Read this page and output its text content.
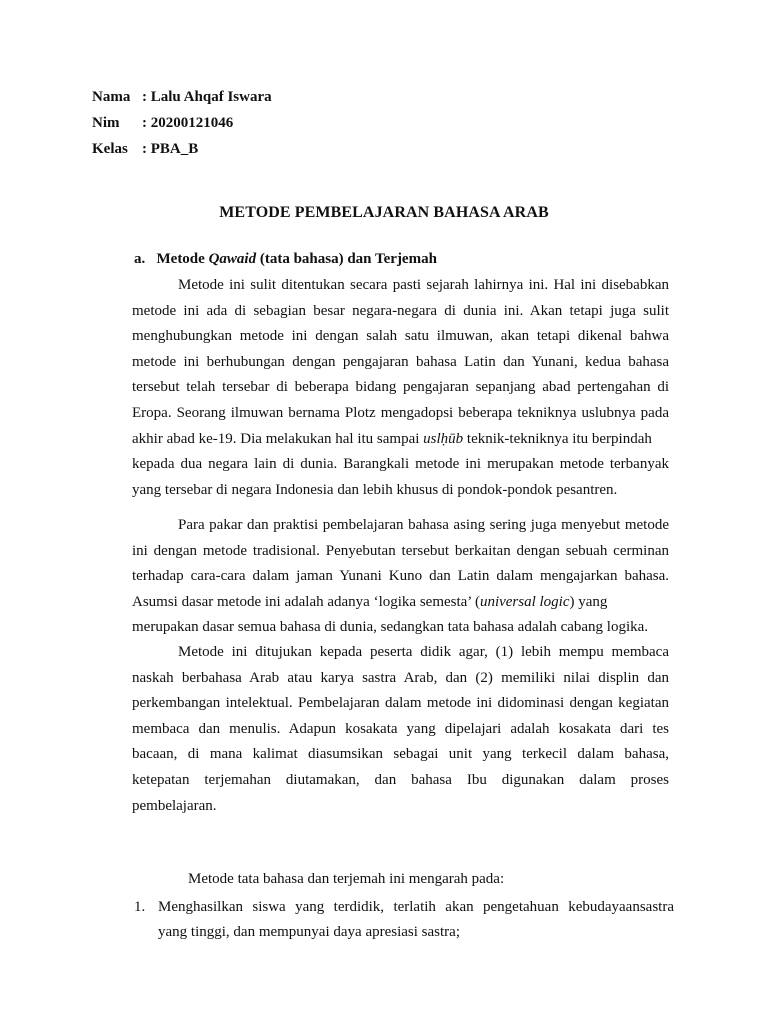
Nama : Lalu Ahqaf Iswara
Nim : 20200121046
Kelas : PBA_B
METODE PEMBELAJARAN BAHASA ARAB
a. Metode Qawaid (tata bahasa) dan Terjemah
Metode ini sulit ditentukan secara pasti sejarah lahirnya ini. Hal ini disebabkan
metode ini ada di sebagian besar negara-negara di dunia ini. Akan tetapi juga sulit
menghubungkan metode ini dengan salah satu ilmuwan, akan tetapi dikenal bahwa
metode ini berhubungan dengan pengajaran bahasa Latin dan Yunani, kedua bahasa
tersebut telah tersebar di beberapa bidang pengajaran sepanjang abad pertengahan di
Eropa. Seorang ilmuwan bernama Plotz mengadopsi beberapa tekniknya uslubnya pada
akhir abad ke-19. Dia melakukan hal itu sampai uslḥūb teknik-tekniknya itu berpindah
kepada dua negara lain di dunia. Barangkali metode ini merupakan metode terbanyak
yang tersebar di negara Indonesia dan lebih khusus di pondok-pondok pesantren.
Para pakar dan praktisi pembelajaran bahasa asing sering juga menyebut metode
ini dengan metode tradisional. Penyebutan tersebut berkaitan dengan sebuah cerminan
terhadap cara-cara dalam jaman Yunani Kuno dan Latin dalam mengajarkan bahasa.
Asumsi dasar metode ini adalah adanya ‘logika semesta’ (universal logic) yang
merupakan dasar semua bahasa di dunia, sedangkan tata bahasa adalah cabang logika.
Metode ini ditujukan kepada peserta didik agar, (1) lebih mempu membaca
naskah berbahasa Arab atau karya sastra Arab, dan (2) memiliki nilai displin dan
perkembangan intelektual. Pembelajaran dalam metode ini didominasi dengan kegiatan
membaca dan menulis. Adapun kosakata yang dipelajari adalah kosakata dari tes
bacaan, di mana kalimat diasumsikan sebagai unit yang terkecil dalam bahasa,
ketepatan terjemahan diutamakan, dan bahasa Ibu digunakan dalam proses
pembelajaran.
Metode tata bahasa dan terjemah ini mengarah pada:
1. Menghasilkan siswa yang terdidik, terlatih akan pengetahuan kebudayaansastra
yang tinggi, dan mempunyai daya apresiasi sastra;
